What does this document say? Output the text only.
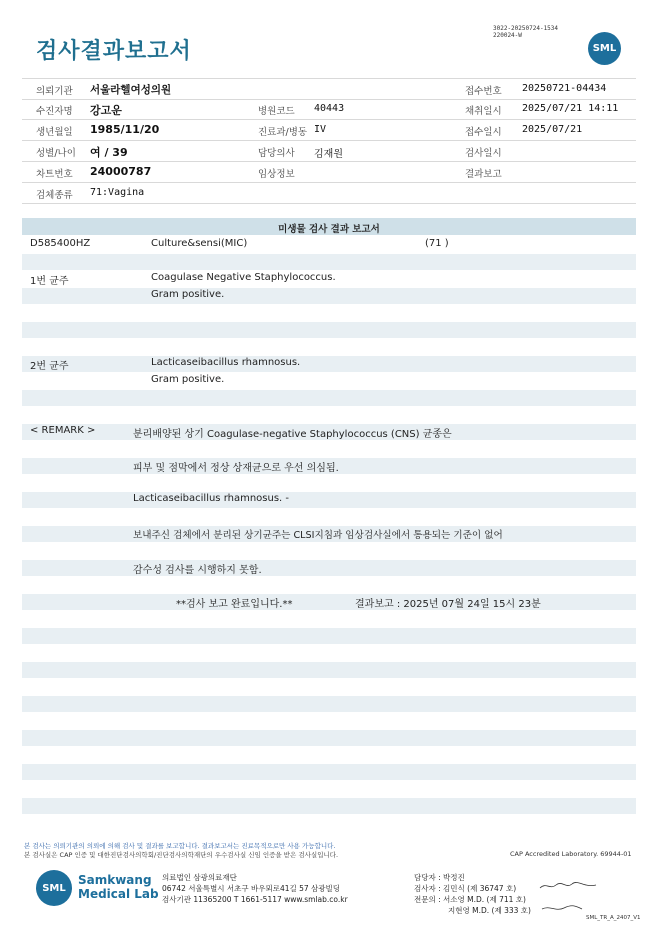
검사결과보고서
3022-20250724-1534
220024-W
SML
의뢰기관 서울라헬여성의원	접수번호 20250721-04434
수진자명 강고운	병원코드 40443	채취일시 2025/07/21 14:11
생년월일 1985/11/20	진료과/병동 IV	접수일시 2025/07/21
성별/나이 여 / 39	담당의사 김재원	검사일시
차트번호 24000787	임상정보	결과보고
검체종류 71:Vagina
미생물 검사 결과 보고서
D585400HZ	Culture&sensi(MIC)	(71 )
1번 균주	Coagulase Negative Staphylococcus.
Gram positive.
2번 균주	Lacticaseibacillus rhamnosus.
Gram positive.
< REMARK >	분리배양된 상기 Coagulase-negative Staphylococcus (CNS) 균종은
피부 및 점막에서 정상 상재균으로 우선 의심됨.
Lacticaseibacillus rhamnosus. -
보내주신 검체에서 분리된 상기균주는 CLSI지침과 임상검사실에서 통용되는 기준이 없어
감수성 검사를 시행하지 못함.
**검사 보고 완료입니다.**	결과보고 : 2025년 07월 24일 15시 23분
본 검사는 의뢰기관의 의뢰에 의해 검사 및 결과를 보고합니다. 결과보고서는 진료목적으로만 사용 가능합니다.
본 검사실은 CAP 인증 및 대한진단검사의학회/진단검사의학재단의 우수검사실 신임 인증을 받은 검사실입니다.	CAP Accredited Laboratory. 69944-01
SML
Samkwang
Medical Lab
의료법인 삼광의료재단
06742 서울특별시 서초구 바우뫼로41길 57 삼광빌딩
검사기관 11365200 T 1661-5117 www.smlab.co.kr
담당자 : 박정진
검사자 : 김민식 (제 36747 호)
전문의 : 서소영 M.D. (제 711 호)
지현영 M.D. (제 333 호)
SML_TR_A_2407_V1
